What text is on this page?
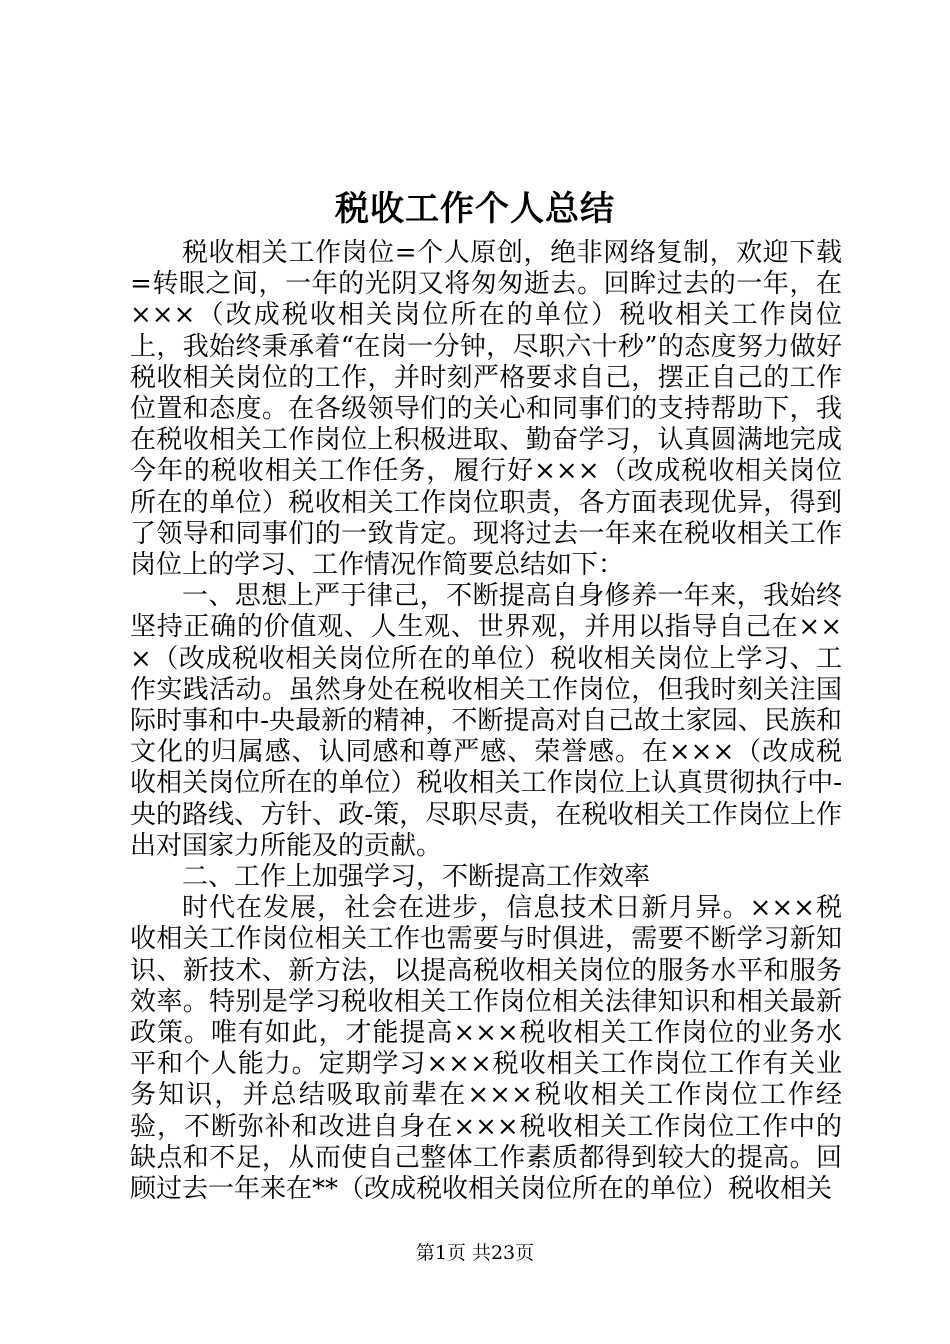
税收工作个人总结

税收相关工作岗位=个人原创，绝非网络复制，欢迎下载=转眼之间，一年的光阴又将匆匆逝去。回眸过去的一年，在×××（改成税收相关岗位所在的单位）税收相关工作岗位上，我始终秉承着“在岗一分钟，尽职六十秒”的态度努力做好税收相关岗位的工作，并时刻严格要求自己，摆正自己的工作位置和态度。在各级领导们的关心和同事们的支持帮助下，我在税收相关工作岗位上积极进取、勤奋学习，认真圆满地完成今年的税收相关工作任务，履行好×××（改成税收相关岗位所在的单位）税收相关工作岗位职责，各方面表现优异，得到了领导和同事们的一致肯定。现将过去一年来在税收相关工作岗位上的学习、工作情况作简要总结如下：

一、思想上严于律己，不断提高自身修养一年来，我始终坚持正确的价值观、人生观、世界观，并用以指导自己在×××（改成税收相关岗位所在的单位）税收相关岗位上学习、工作实践活动。虽然身处在税收相关工作岗位，但我时刻关注国际时事和中-央最新的精神，不断提高对自己故土家园、民族和文化的归属感、认同感和尊严感、荣誉感。在×××（改成税收相关岗位所在的单位）税收相关工作岗位上认真贯彻执行中-央的路线、方针、政-策，尽职尽责，在税收相关工作岗位上作出对国家力所能及的贡献。

二、工作上加强学习，不断提高工作效率

时代在发展，社会在进步，信息技术日新月异。×××税收相关工作岗位相关工作也需要与时俱进，需要不断学习新知识、新技术、新方法，以提高税收相关岗位的服务水平和服务效率。特别是学习税收相关工作岗位相关法律知识和相关最新政策。唯有如此，才能提高×××税收相关工作岗位的业务水平和个人能力。定期学习×××税收相关工作岗位工作有关业务知识，并总结吸取前辈在×××税收相关工作岗位工作经验，不断弥补和改进自身在×××税收相关工作岗位工作中的缺点和不足，从而使自己整体工作素质都得到较大的提高。回顾过去一年来在**（改成税收相关岗位所在的单位）税收相关

第1页 共23页
